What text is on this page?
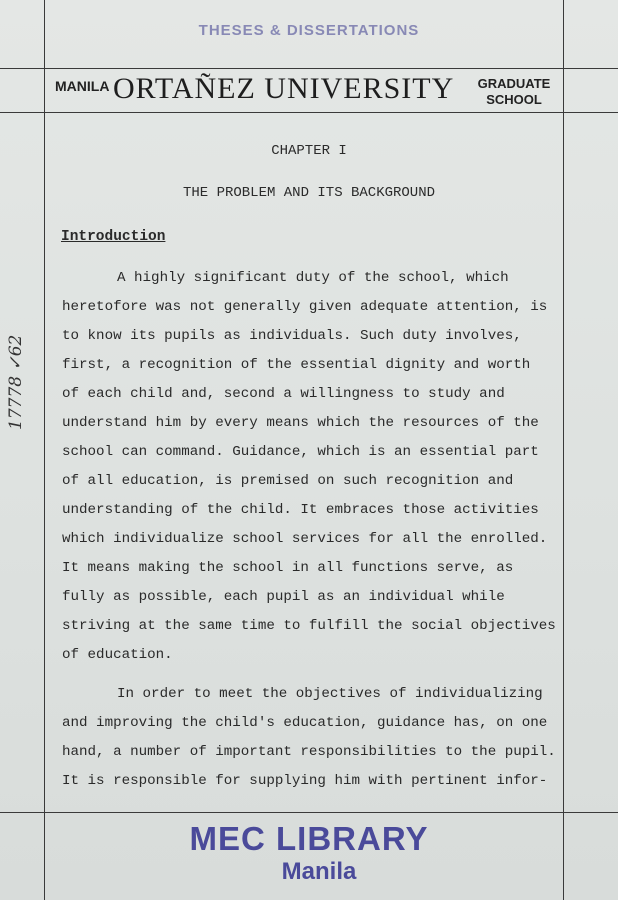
THESES & DISSERTATIONS
MANILA ORTAÑEZ UNIVERSITY GRADUATE
SCHOOL
17778 ✓62
CHAPTER I
THE PROBLEM AND ITS BACKGROUND
Introduction

A highly significant duty of the school, which
heretofore was not generally given adequate attention, is
to know its pupils as individuals. Such duty involves,
first, a recognition of the essential dignity and worth
of each child and, second a willingness to study and
understand him by every means which the resources of the
school can command. Guidance, which is an essential part
of all education, is premised on such recognition and
understanding of the child. It embraces those activities
which individualize school services for all the enrolled.
It means making the school in all functions serve, as
fully as possible, each pupil as an individual while
striving at the same time to fulfill the social objectives
of education.

In order to meet the objectives of individualizing
and improving the child's education, guidance has, on one
hand, a number of important responsibilities to the pupil.
It is responsible for supplying him with pertinent infor-

MEC LIBRARY
Manila
